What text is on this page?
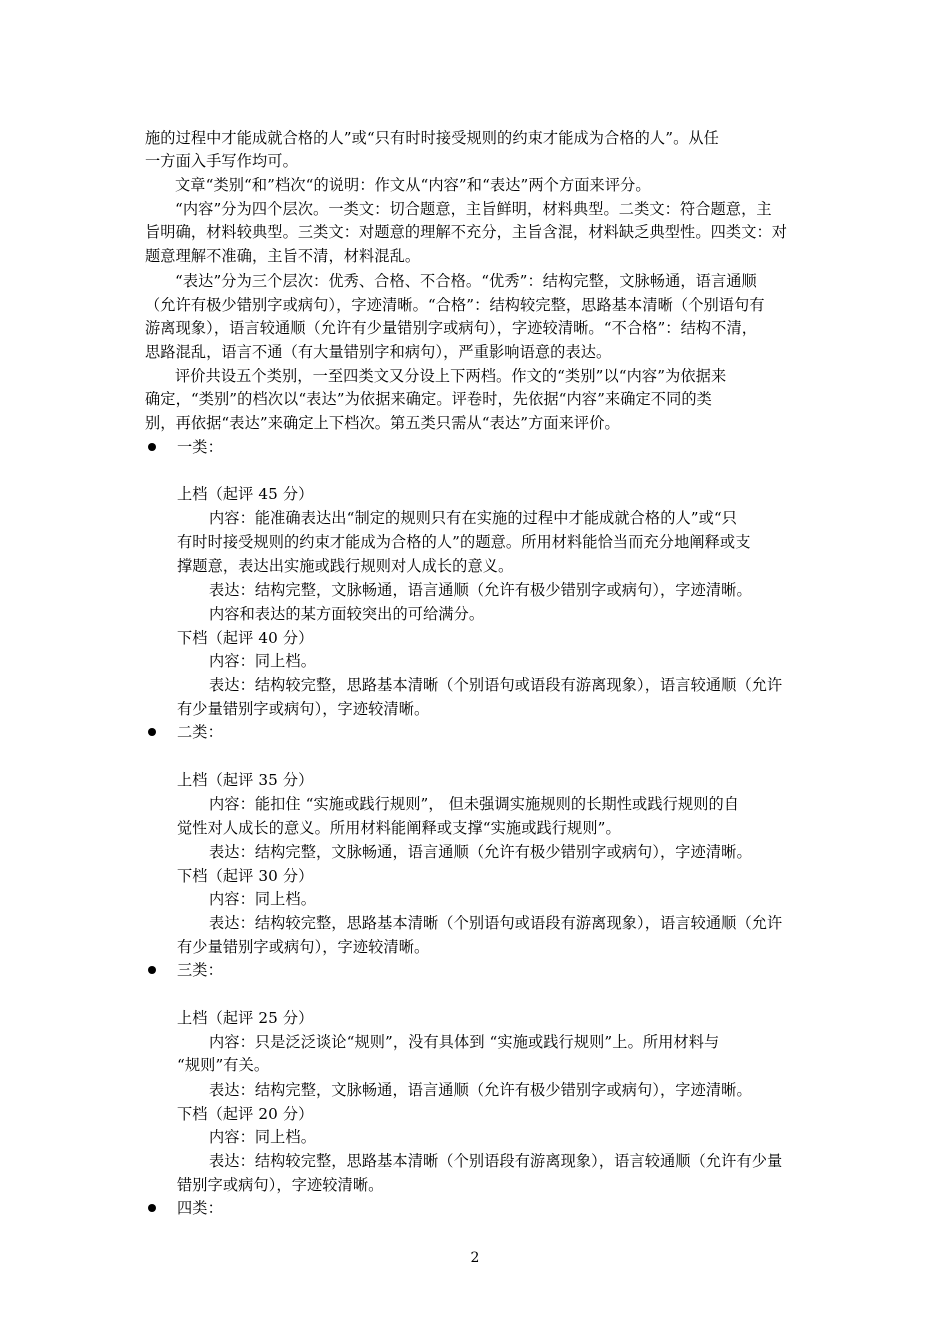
施的过程中才能成就合格的人”或“只有时时接受规则的约束才能成为合格的人”。从任
一方面入手写作均可。
文章“类别“和”档次“的说明：作文从“内容”和“表达”两个方面来评分。
“内容”分为四个层次。一类文：切合题意，主旨鲜明，材料典型。二类文：符合题意，主
旨明确，材料较典型。三类文：对题意的理解不充分，主旨含混，材料缺乏典型性。四类文：对
题意理解不准确，主旨不清，材料混乱。
“表达”分为三个层次：优秀、合格、不合格。“优秀”：结构完整，文脉畅通，语言通顺
（允许有极少错别字或病句），字迹清晰。“合格”：结构较完整，思路基本清晰（个别语句有
游离现象），语言较通顺（允许有少量错别字或病句），字迹较清晰。“不合格”：结构不清，
思路混乱，语言不通（有大量错别字和病句），严重影响语意的表达。
评价共设五个类别，一至四类文又分设上下两档。作文的“类别”以“内容”为依据来
确定，“类别”的档次以“表达”为依据来确定。评卷时，先依据“内容”来确定不同的类
别，再依据“表达”来确定上下档次。第五类只需从“表达”方面来评价。
一类：
上档（起评 45 分）
内容：能准确表达出“制定的规则只有在实施的过程中才能成就合格的人”或“只
有时时接受规则的约束才能成为合格的人”的题意。所用材料能恰当而充分地阐释或支
撑题意，表达出实施或践行规则对人成长的意义。
表达：结构完整，文脉畅通，语言通顺（允许有极少错别字或病句），字迹清晰。
内容和表达的某方面较突出的可给满分。
下档（起评 40 分）
内容：同上档。
表达：结构较完整，思路基本清晰（个别语句或语段有游离现象），语言较通顺（允许
有少量错别字或病句），字迹较清晰。
二类：
上档（起评 35 分）
内容：能扣住 “实施或践行规则”， 但未强调实施规则的长期性或践行规则的自
觉性对人成长的意义。所用材料能阐释或支撑“实施或践行规则”。
表达：结构完整，文脉畅通，语言通顺（允许有极少错别字或病句），字迹清晰。
下档（起评 30 分）
内容：同上档。
表达：结构较完整，思路基本清晰（个别语句或语段有游离现象），语言较通顺（允许
有少量错别字或病句），字迹较清晰。
三类：
上档（起评 25 分）
内容：只是泛泛谈论“规则”，没有具体到 “实施或践行规则”上。所用材料与
“规则”有关。
表达：结构完整，文脉畅通，语言通顺（允许有极少错别字或病句），字迹清晰。
下档（起评 20 分）
内容：同上档。
表达：结构较完整，思路基本清晰（个别语段有游离现象），语言较通顺（允许有少量
错别字或病句），字迹较清晰。
四类：
2
